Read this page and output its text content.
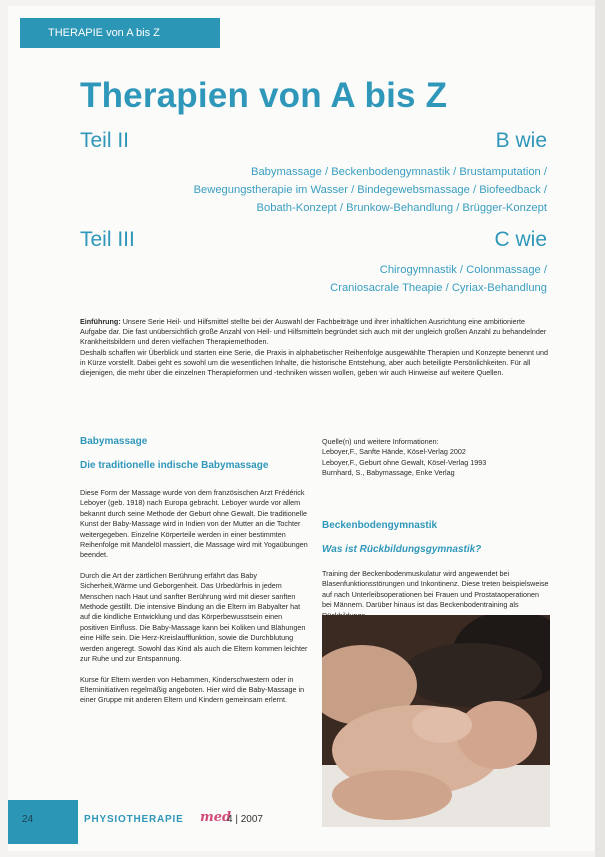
THERAPIE von A bis Z
Therapien von A bis Z
Teil II	B wie
Babymassage / Beckenbodengymnastik / Brustamputation /
Bewegungstherapie im Wasser / Bindegewebsmassage / Biofeedback /
Bobath-Konzept / Brunkow-Behandlung / Brügger-Konzept
Teil III	C wie
Chirogymnastik / Colonmassage /
Craniosacrale Theapie / Cyriax-Behandlung

Einführung: Unsere Serie Heil- und Hilfsmittel stellte bei der Auswahl der Fachbeiträge und ihrer inhaltlichen Ausrichtung eine ambitionierte Aufgabe dar. Die fast unübersichtlich große Anzahl von Heil- und Hilfsmitteln begründet sich auch mit der ungleich großen Anzahl zu behandelnder Krankheitsbildern und deren vielfachen Therapiemethoden.

Deshalb schaffen wir Überblick und starten eine Serie, die Praxis in alphabetischer Reihenfolge ausgewählte Therapien und Konzepte benennt und in Kürze vorstellt. Dabei geht es sowohl um die wesentlichen Inhalte, die historische Entstehung, aber auch beteiligte Persönlichkeiten. Für all diejenigen, die mehr über die einzelnen Therapieformen und -techniken wissen wollen, geben wir auch Hinweise auf weitere Quellen.

Babymassage
Die traditionelle indische Babymassage

Diese Form der Massage wurde von dem französischen Arzt Frédérick Leboyer (geb. 1918) nach Europa gebracht. Leboyer wurde vor allem bekannt durch seine Methode der Geburt ohne Gewalt. Die traditionelle Kunst der Baby-Massage wird in Indien von der Mutter an die Tochter weitergegeben. Einzelne Körperteile werden in einer bestimmten Reihenfolge mit Mandelöl massiert, die Massage wird mit Yogaübungen beendet.

Durch die Art der zärtlichen Berührung erfährt das Baby Sicherheit,Wärme und Geborgenheit. Das Urbedürfnis in jedem Menschen nach Haut und sanfter Berührung wird mit dieser sanften Methode gestillt. Die intensive Bindung an die Eltern im Babyalter hat auf die kindliche Entwicklung und das Körperbewusstsein einen positiven Einfluss. Die Baby-Massage kann bei Koliken und Blähungen eine Hilfe sein. Die Herz-Kreislaufffunktion, sowie die Durchblutung werden angeregt. Sowohl das Kind als auch die Eltern kommen leichter zur Ruhe und zur Entspannung.

Kurse für Eltern werden von Hebammen, Kinderschwestern oder in Elterninitiativen regelmäßig angeboten. Hier wird die Baby-Massage in einer Gruppe mit anderen Eltern und Kindern gemeinsam erlernt.

Quelle(n) und weitere Informationen:
Leboyer,F., Sanfte Hände, Kösel-Verlag 2002
Leboyer,F., Geburt ohne Gewalt, Kösel-Verlag 1993
Burnhard, S., Babymassage, Enke Verlag
Beckenbodengymnastik
Was ist Rückbildungsgymnastik?

Training der Beckenbodenmuskulatur wird angewendet bei Blasenfunktionsstörungen und Inkontinenz. Diese treten beispielsweise auf nach Unterleibsoperationen bei Frauen und Prostataoperationen bei Männern. Darüber hinaus ist das Beckenbodentraining als

24	PHYSIOTHERAPIE med
4 | 2007
